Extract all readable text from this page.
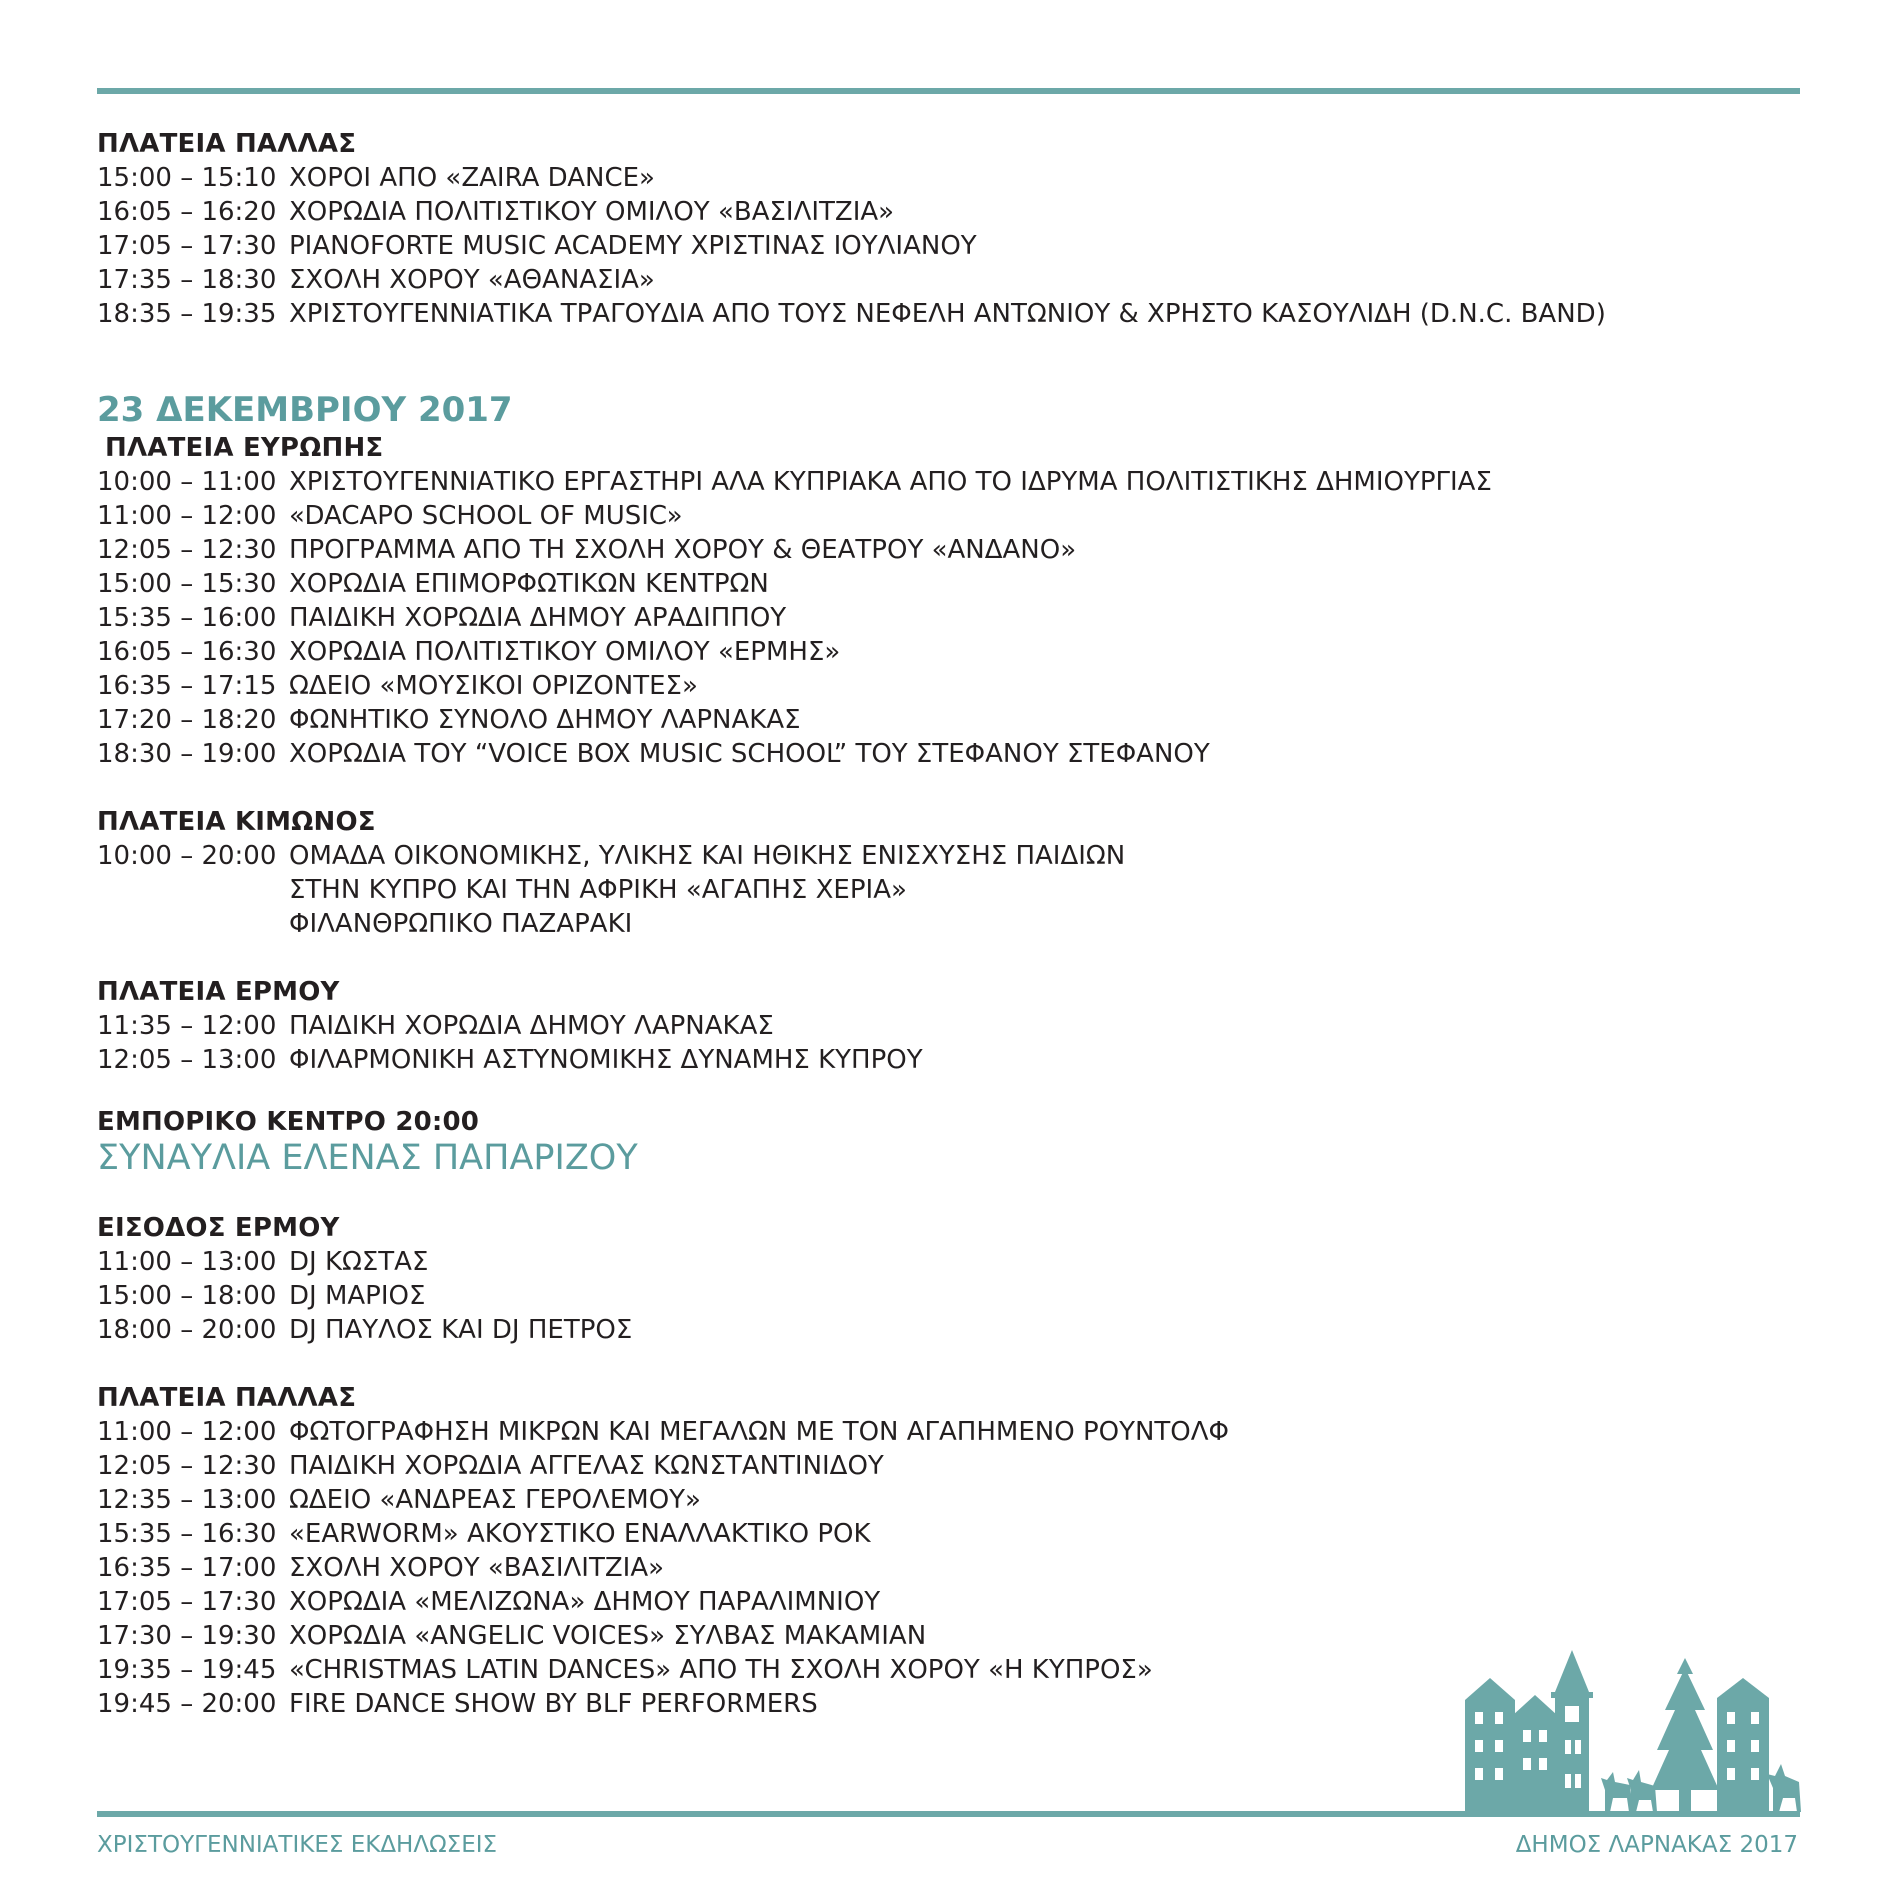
ΠΛΑΤΕΙΑ ΠΑΛΛΑΣ
15:00 – 15:10 ΧΟΡΟΙ ΑΠΟ «ZAIRA DANCE»
16:05 – 16:20 ΧΟΡΩΔΙΑ ΠΟΛΙΤΙΣΤΙΚΟΥ ΟΜΙΛΟΥ «ΒΑΣΙΛΙΤΖΙΑ»
17:05 – 17:30 PIANOFORTE MUSIC ACADEMY ΧΡΙΣΤΙΝΑΣ ΙΟΥΛΙΑΝΟΥ
17:35 – 18:30 ΣΧΟΛΗ ΧΟΡΟΥ «ΑΘΑΝΑΣΙΑ»
18:35 – 19:35 ΧΡΙΣΤΟΥΓΕΝΝΙΑΤΙΚΑ ΤΡΑΓΟΥΔΙΑ ΑΠΟ ΤΟΥΣ ΝΕΦΕΛΗ ΑΝΤΩΝΙΟΥ & ΧΡΗΣΤΟ ΚΑΣΟΥΛΙΔΗ (D.N.C. BAND)
23 ΔΕΚΕΜΒΡΙΟΥ 2017
ΠΛΑΤΕΙΑ ΕΥΡΩΠΗΣ
10:00 – 11:00 ΧΡΙΣΤΟΥΓΕΝΝΙΑΤΙΚΟ ΕΡΓΑΣΤΗΡΙ ΑΛΑ ΚΥΠΡΙΑΚΑ ΑΠΟ ΤΟ ΙΔΡΥΜΑ ΠΟΛΙΤΙΣΤΙΚΗΣ ΔΗΜΙΟΥΡΓΙΑΣ
11:00 – 12:00 «DACAPO SCHOOL OF MUSIC»
12:05 – 12:30 ΠΡΟΓΡΑΜΜΑ ΑΠΟ ΤΗ ΣΧΟΛΗ ΧΟΡΟΥ & ΘΕΑΤΡΟΥ «ΑΝΔΑΝΟ»
15:00 – 15:30 ΧΟΡΩΔΙΑ ΕΠΙΜΟΡΦΩΤΙΚΩΝ ΚΕΝΤΡΩΝ
15:35 – 16:00 ΠΑΙΔΙΚΗ ΧΟΡΩΔΙΑ ΔΗΜΟΥ ΑΡΑΔΙΠΠΟΥ
16:05 – 16:30 ΧΟΡΩΔΙΑ ΠΟΛΙΤΙΣΤΙΚΟΥ ΟΜΙΛΟΥ «ΕΡΜΗΣ»
16:35 – 17:15 ΩΔΕΙΟ «ΜΟΥΣΙΚΟΙ ΟΡΙΖΟΝΤΕΣ»
17:20 – 18:20 ΦΩΝΗΤΙΚΟ ΣΥΝΟΛΟ ΔΗΜΟΥ ΛΑΡΝΑΚΑΣ
18:30 – 19:00 ΧΟΡΩΔΙΑ ΤΟΥ “VOICE BOX MUSIC SCHOOL” ΤΟΥ ΣΤΕΦΑΝΟΥ ΣΤΕΦΑΝΟΥ
ΠΛΑΤΕΙΑ ΚΙΜΩΝΟΣ
10:00 – 20:00 ΟΜΑΔΑ ΟΙΚΟΝΟΜΙΚΗΣ, ΥΛΙΚΗΣ ΚΑΙ ΗΘΙΚΗΣ ΕΝΙΣΧΥΣΗΣ ΠΑΙΔΙΩΝ
ΣΤΗΝ ΚΥΠΡΟ ΚΑΙ ΤΗΝ ΑΦΡΙΚΗ «ΑΓΑΠΗΣ ΧΕΡΙΑ»
ΦΙΛΑΝΘΡΩΠΙΚΟ ΠΑΖΑΡΑΚΙ
ΠΛΑΤΕΙΑ ΕΡΜΟΥ
11:35 – 12:00 ΠΑΙΔΙΚΗ ΧΟΡΩΔΙΑ ΔΗΜΟΥ ΛΑΡΝΑΚΑΣ
12:05 – 13:00 ΦΙΛΑΡΜΟΝΙΚΗ ΑΣΤΥΝΟΜΙΚΗΣ ΔΥΝΑΜΗΣ ΚΥΠΡΟΥ
ΕΜΠΟΡΙΚΟ ΚΕΝΤΡΟ 20:00
ΣΥΝΑΥΛΙΑ ΕΛΕΝΑΣ ΠΑΠΑΡΙΖΟΥ
ΕΙΣΟΔΟΣ ΕΡΜΟΥ
11:00 – 13:00 DJ ΚΩΣΤΑΣ
15:00 – 18:00 DJ ΜΑΡΙΟΣ
18:00 – 20:00 DJ ΠΑΥΛΟΣ ΚΑΙ DJ ΠΕΤΡΟΣ
ΠΛΑΤΕΙΑ ΠΑΛΛΑΣ
11:00 – 12:00 ΦΩΤΟΓΡΑΦΗΣΗ ΜΙΚΡΩΝ ΚΑΙ ΜΕΓΑΛΩΝ ΜΕ ΤΟΝ ΑΓΑΠΗΜΕΝΟ ΡΟΥΝΤΟΛΦ
12:05 – 12:30 ΠΑΙΔΙΚΗ ΧΟΡΩΔΙΑ ΑΓΓΕΛΑΣ ΚΩΝΣΤΑΝΤΙΝΙΔΟΥ
12:35 – 13:00 ΩΔΕΙΟ «ΑΝΔΡΕΑΣ ΓΕΡΟΛΕΜΟΥ»
15:35 – 16:30 «EARWORM» ΑΚΟΥΣΤΙΚΟ ΕΝΑΛΛΑΚΤΙΚΟ ΡΟΚ
16:35 – 17:00 ΣΧΟΛΗ ΧΟΡΟΥ «ΒΑΣΙΛΙΤΖΙΑ»
17:05 – 17:30 ΧΟΡΩΔΙΑ «ΜΕΛΙΖΩΝΑ» ΔΗΜΟΥ ΠΑΡΑΛΙΜΝΙΟΥ
17:30 – 19:30 ΧΟΡΩΔΙΑ «ANGELIC VOICES» ΣΥΛΒΑΣ ΜΑΚΑΜΙΑΝ
19:35 – 19:45 «CHRISTMAS LATIN DANCES» ΑΠΟ ΤΗ ΣΧΟΛΗ ΧΟΡΟΥ «Η ΚΥΠΡΟΣ»
19:45 – 20:00 FIRE DANCE SHOW BY BLF PERFORMERS
ΧΡΙΣΤΟΥΓΕΝΝΙΑΤΙΚΕΣ ΕΚΔΗΛΩΣΕΙΣ	ΔΗΜΟΣ ΛΑΡΝΑΚΑΣ 2017
